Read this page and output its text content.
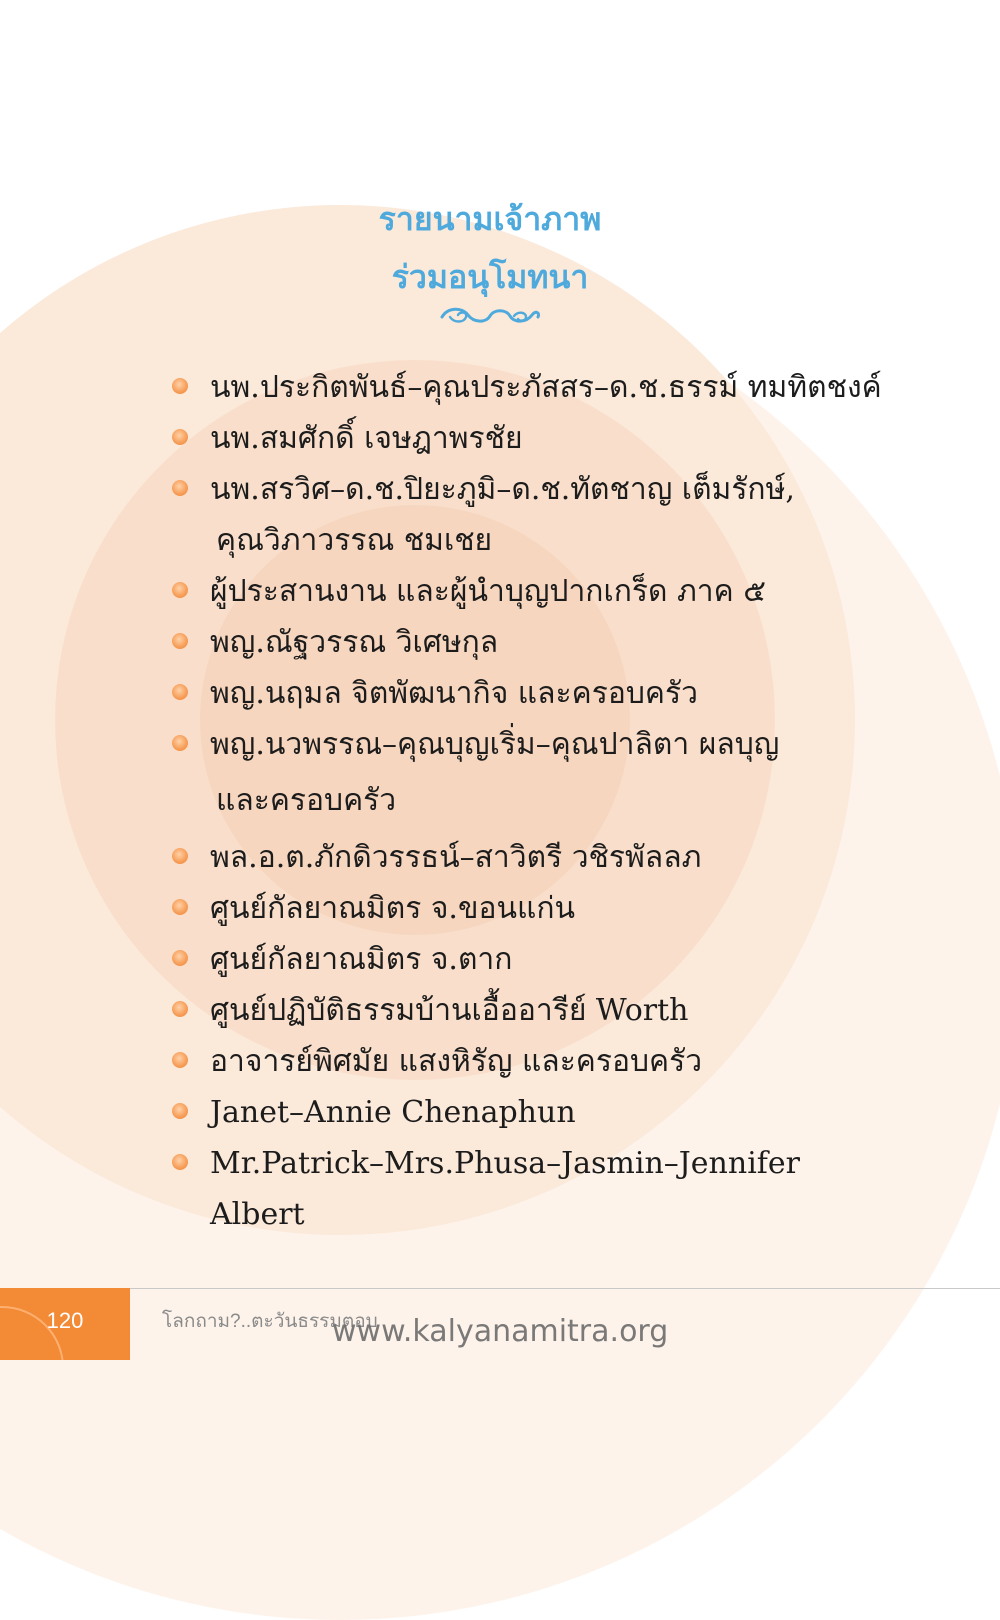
รายนามเจ้าภาพ
ร่วมอนุโมทนา
นพ.ประกิตพันธ์–คุณประภัสสร–ด.ช.ธรรม์ ทมทิตชงค์
นพ.สมศักดิ์ เจษฎาพรชัย
นพ.สรวิศ–ด.ช.ปิยะภูมิ–ด.ช.ทัตชาญ เต็มรักษ์,
คุณวิภาวรรณ ชมเชย
ผู้ประสานงาน และผู้นำบุญปากเกร็ด ภาค ๕
พญ.ณัฐวรรณ วิเศษกุล
พญ.นฤมล จิตพัฒนากิจ และครอบครัว
พญ.นวพรรณ–คุณบุญเริ่ม–คุณปาลิตา ผลบุญ
และครอบครัว
พล.อ.ต.ภักดิวรรธน์–สาวิตรี วชิรพัลลภ
ศูนย์กัลยาณมิตร จ.ขอนแก่น
ศูนย์กัลยาณมิตร จ.ตาก
ศูนย์ปฏิบัติธรรมบ้านเอื้ออารีย์ Worth
อาจารย์พิศมัย แสงหิรัญ และครอบครัว
Janet–Annie Chenaphun
Mr.Patrick–Mrs.Phusa–Jasmin–Jennifer Albert
120	โลกถาม?..ตะวันธรรมตอบ
www.kalyanamitra.org
